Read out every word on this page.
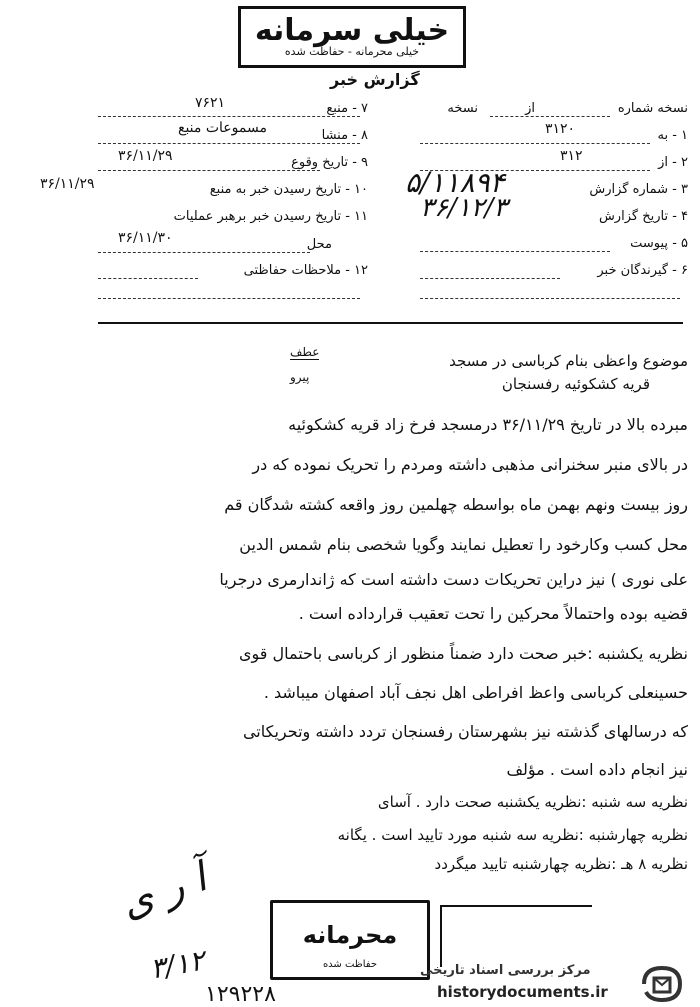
خیلی سرمانه
خیلی محرمانه - حفاظت شده
گزارش خبر
۷ - منبع
۷۶۲۱
۸ - منشا
مسموعات منبع
۹ - تاریخ وقوع
۳۶/۱۱/۲۹
۱۰ - تاریخ رسیدن خبر به منبع
۳۶/۱۱/۲۹
۱۱ - تاریخ رسیدن خبر برهبر عملیات
محل
۳۶/۱۱/۳۰
۱۲ - ملاحظات حفاظتی
نسخه شماره
از
نسخه
۱ - به
۳۱۲۰
۲ - از
۳۱۲
۳ - شماره گزارش
۵/۱۱۸۹۴
۴ - تاریخ گزارش
۳۶/۱۲/۳
۵ - پیوست
۶ - گیرندگان خبر
موضوع واعظی بنام کرباسی در مسجد
قریه کشکوئیه رفسنجان
عطف
پیرو
مبرده بالا در تاریخ ۳۶/۱۱/۲۹ درمسجد فرخ زاد قریه کشکوئیه
در بالای منبر سخنرانی مذهبی داشته ومردم را تحریک نموده که در
روز بیست ونهم بهمن ماه بواسطه چهلمین روز واقعه کشته شدگان قم
محل کسب وکارخود را تعطیل نمایند وگویا شخصی بنام شمس الدین
علی نوری ) نیز دراین تحریکات دست داشته است که ژاندارمری درجریا
قضیه بوده واحتمالاً محرکین را تحت تعقیب قرارداده است .
نظریه یکشنبه :خبر صحت دارد ضمناً منظور از کرباسی باحتمال قوی
حسینعلی کرباسی واعظ افراطی اهل نجف آباد اصفهان میباشد .
که درسالهای گذشته نیز بشهرستان رفسنجان تردد داشته وتحریکاتی
نیز انجام داده است . مؤلف
نظریه سه شنبه :نظریه یکشنبه صحت دارد . آسای
نظریه چهارشنبه :نظریه سه شنبه مورد تایید است . یگانه
نظریه ۸ هـ :نظریه چهارشنبه تایید میگردد
آ ر ی
۳/۱۲
۱۲۹۲۲۸
محرمانه
حفاظت شده	مرکز بررسی اسناد تاریخی
historydocuments.ir
